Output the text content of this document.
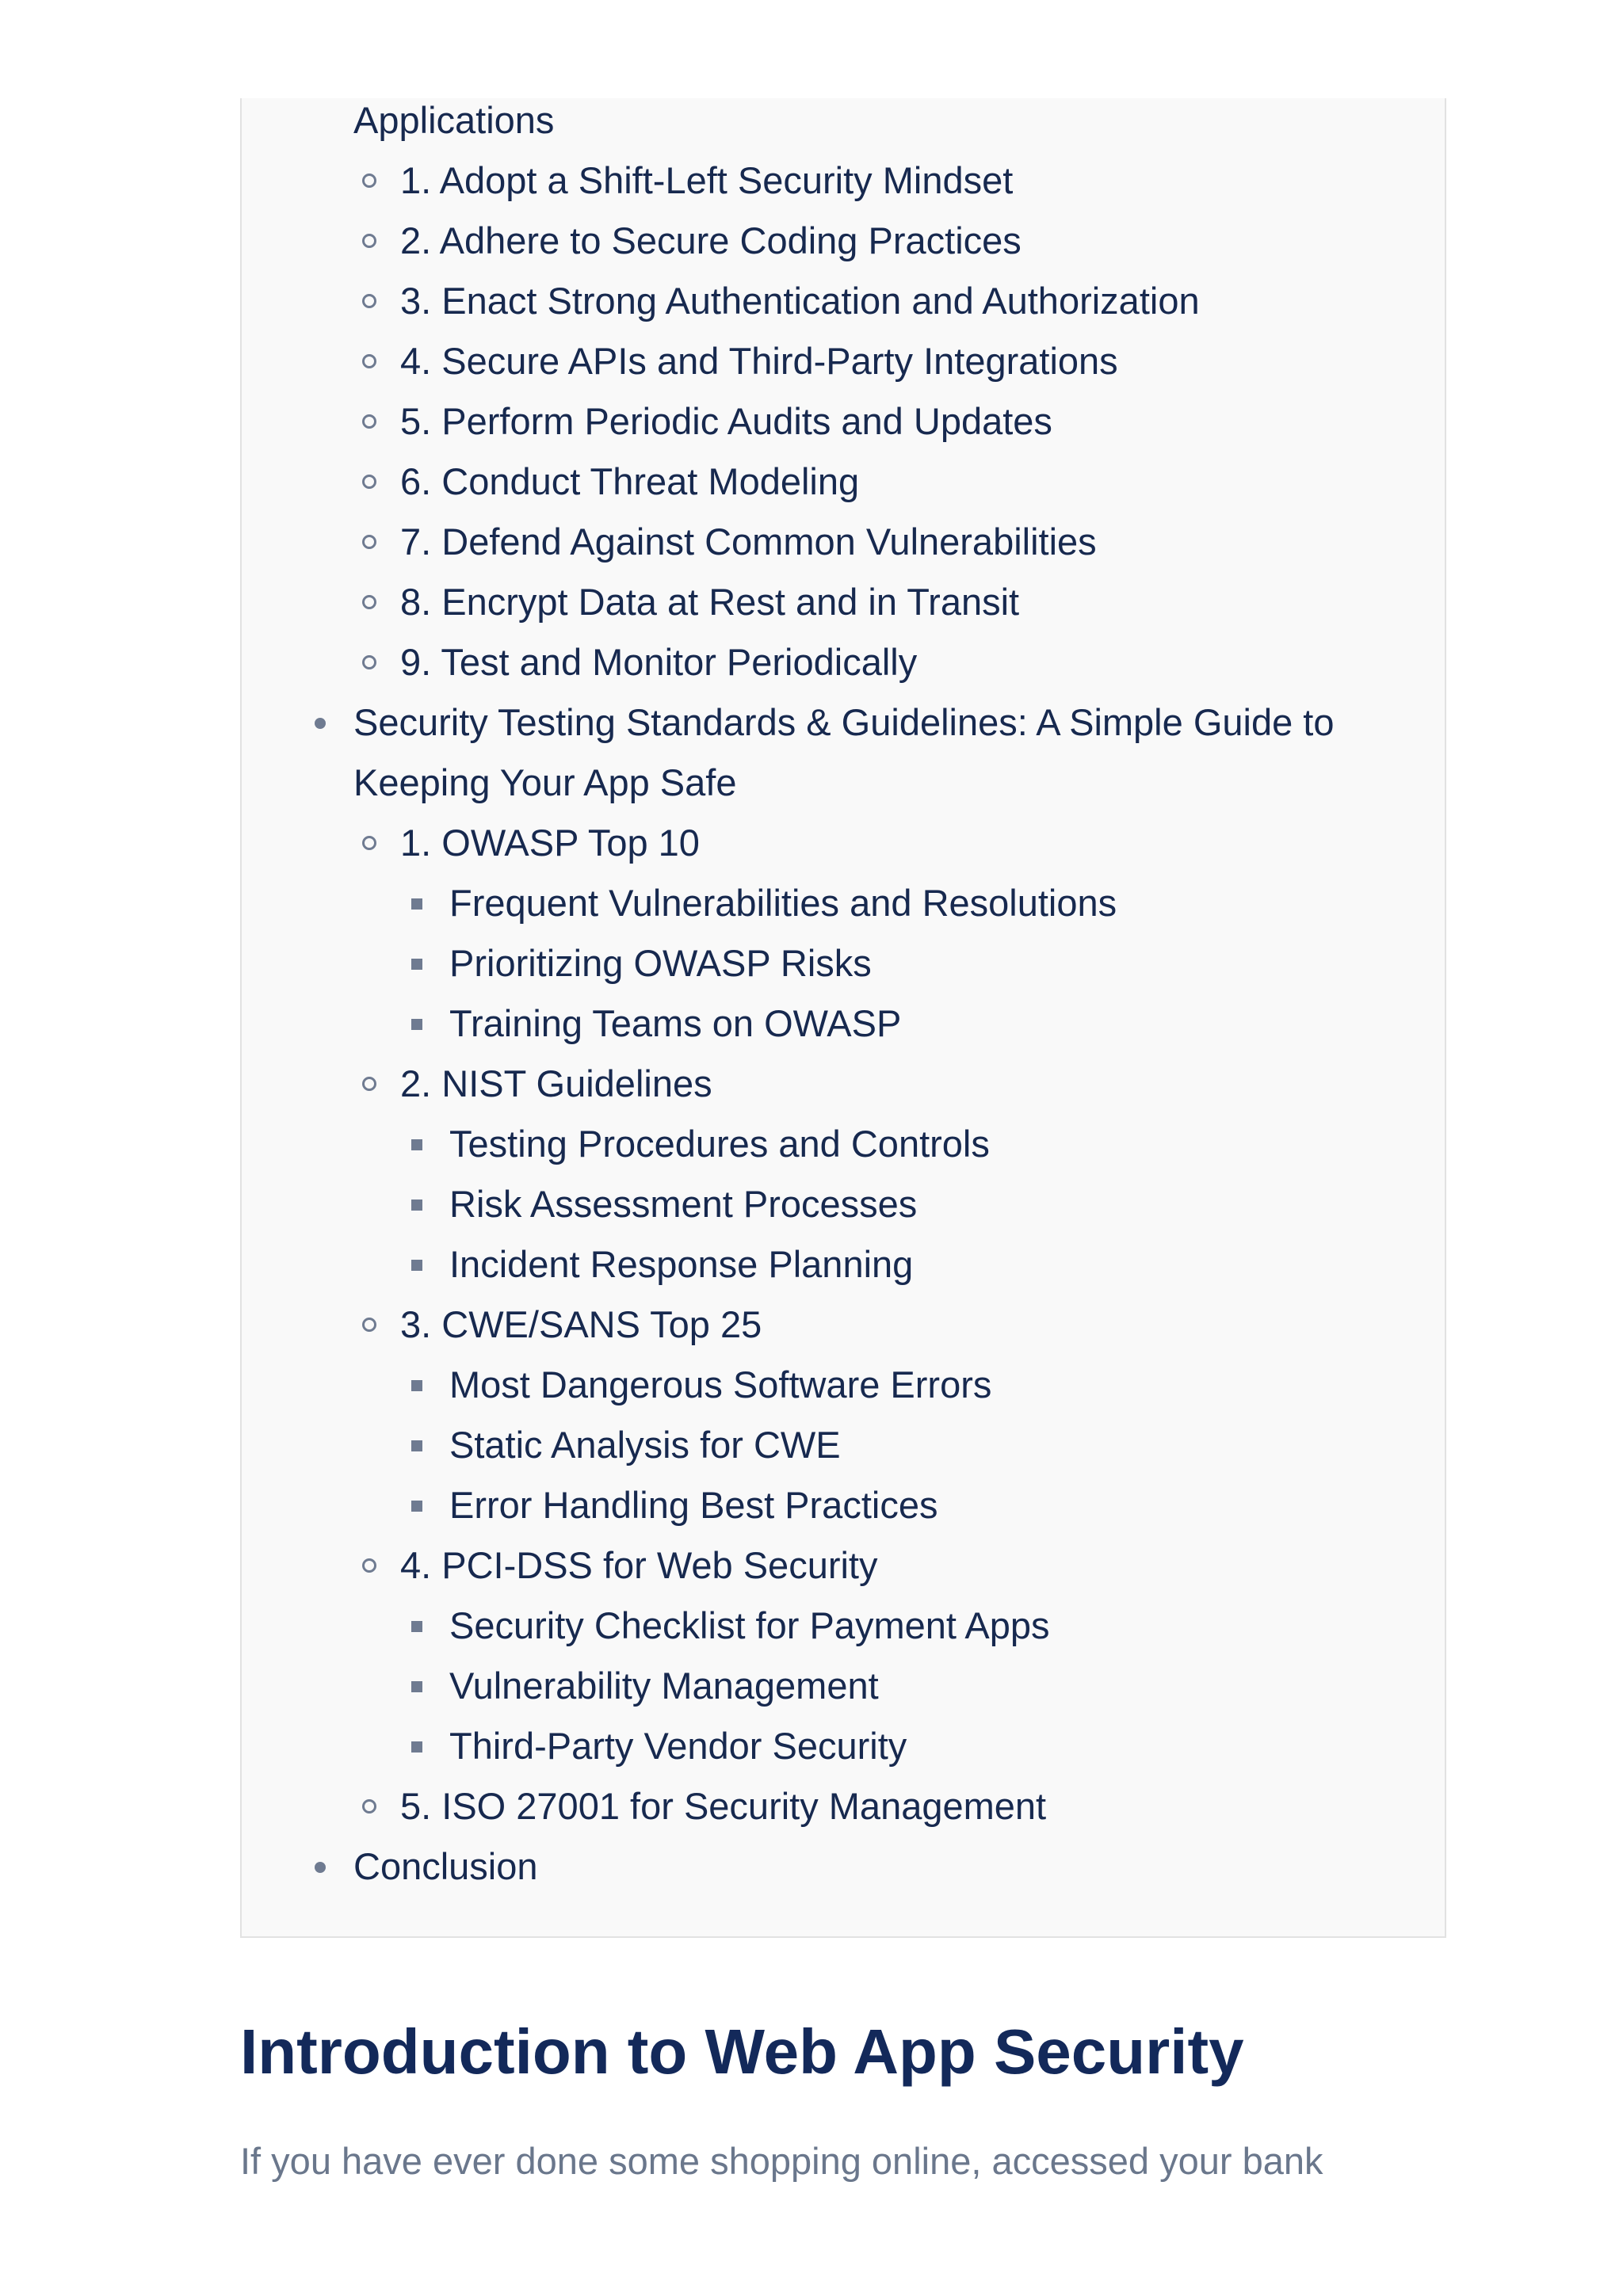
Applications
1. Adopt a Shift-Left Security Mindset
2. Adhere to Secure Coding Practices
3. Enact Strong Authentication and Authorization
4. Secure APIs and Third-Party Integrations
5. Perform Periodic Audits and Updates
6. Conduct Threat Modeling
7. Defend Against Common Vulnerabilities
8. Encrypt Data at Rest and in Transit
9. Test and Monitor Periodically
Security Testing Standards & Guidelines: A Simple Guide to
Keeping Your App Safe
1. OWASP Top 10
Frequent Vulnerabilities and Resolutions
Prioritizing OWASP Risks
Training Teams on OWASP
2. NIST Guidelines
Testing Procedures and Controls
Risk Assessment Processes
Incident Response Planning
3. CWE/SANS Top 25
Most Dangerous Software Errors
Static Analysis for CWE
Error Handling Best Practices
4. PCI-DSS for Web Security
Security Checklist for Payment Apps
Vulnerability Management
Third-Party Vendor Security
5. ISO 27001 for Security Management
Conclusion
Introduction to Web App Security

If you have ever done some shopping online, accessed your bank
